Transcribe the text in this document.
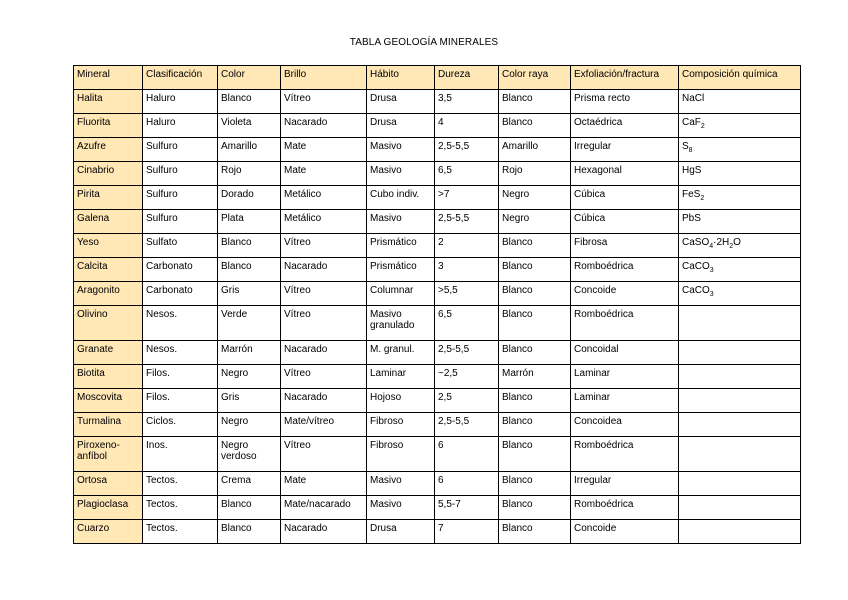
TABLA GEOLOGÍA MINERALES
Mineral	Clasificación	Color	Brillo	Hábito	Dureza	Color raya	Exfoliación/fractura	Composición química
Halita	Haluro	Blanco	Vítreo	Drusa	3,5	Blanco	Prisma recto	NaCl
Fluorita	Haluro	Violeta	Nacarado	Drusa	4	Blanco	Octaédrica	CaF$_2$
Azufre	Sulfuro	Amarillo	Mate	Masivo	2,5-5,5	Amarillo	Irregular	$S_8$
Cinabrio	Sulfuro	Rojo	Mate	Masivo	6,5	Rojo	Hexagonal	HgS
Pirita	Sulfuro	Dorado	Metálico	Cubo indiv.	>7	Negro	Cúbica	FeS$_2$
Galena	Sulfuro	Plata	Metálico	Masivo	2,5-5,5	Negro	Cúbica	PbS
Yeso	Sulfato	Blanco	Vítreo	Prismático	2	Blanco	Fibrosa	$CaSO_4\cdot 2H_2O$
Calcita	Carbonato	Blanco	Nacarado	Prismático	3	Blanco	Romboédrica	CaCO$_3$
Aragonito	Carbonato	Gris	Vítreo	Columnar	>5,5	Blanco	Concoide	CaCO$_3$
Olivino	Nesos.	Verde	Vítreo	Masivo granulado	6,5	Blanco	Romboédrica	
Granate	Nesos.	Marrón	Nacarado	M. granul.	2,5-5,5	Blanco	Concoidal	
Biotita	Filos.	Negro	Vítreo	Laminar	~2,5	Marrón	Laminar	
Moscovita	Filos.	Gris	Nacarado	Hojoso	2,5	Blanco	Laminar	
Turmalina	Ciclos.	Negro	Mate/vítreo	Fibroso	2,5-5,5	Blanco	Concoidea	
Piroxeno-anfíbol	Inos.	Negro verdoso	Vítreo	Fibroso	6	Blanco	Romboédrica	
Ortosa	Tectos.	Crema	Mate	Masivo	6	Blanco	Irregular	
Plagioclasa	Tectos.	Blanco	Mate/nacarado	Masivo	5,5-7	Blanco	Romboédrica	
Cuarzo	Tectos.	Blanco	Nacarado	Drusa	7	Blanco	Concoide	
